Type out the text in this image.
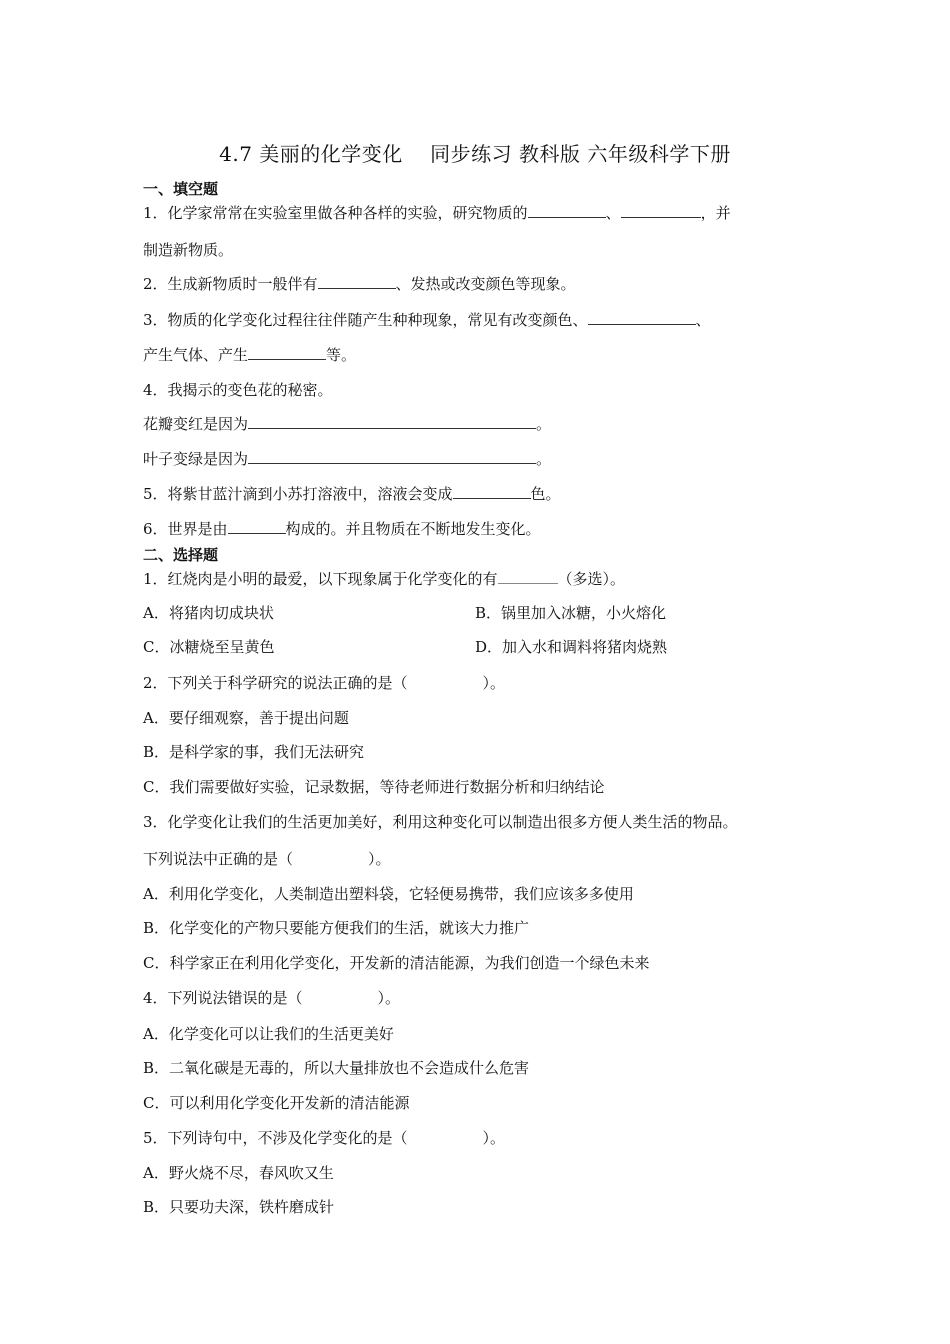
4.7 美丽的化学变化　 同步练习 教科版 六年级科学下册
一、填空题
1．化学家常常在实验室里做各种各样的实验，研究物质的	、	，并
制造新物质。
2．生成新物质时一般伴有	、发热或改变颜色等现象。
3．物质的化学变化过程往往伴随产生种种现象，常见有改变颜色、	、
产生气体、产生	等。
4．我揭示的变色花的秘密。
花瓣变红是因为	。
叶子变绿是因为	。
5．将紫甘蓝汁滴到小苏打溶液中，溶液会变成	色。
6．世界是由	构成的。并且物质在不断地发生变化。
二、选择题
1．红烧肉是小明的最爱，以下现象属于化学变化的有	（多选）。
A．将猪肉切成块状	B．锅里加入冰糖，小火熔化
C．冰糖烧至呈黄色	D．加入水和调料将猪肉烧熟
2．下列关于科学研究的说法正确的是（　　　　　）。
A．要仔细观察，善于提出问题
B．是科学家的事，我们无法研究
C．我们需要做好实验，记录数据，等待老师进行数据分析和归纳结论
3．化学变化让我们的生活更加美好，利用这种变化可以制造出很多方便人类生活的物品。
下列说法中正确的是（　　　　　）。
A．利用化学变化，人类制造出塑料袋，它轻便易携带，我们应该多多使用
B．化学变化的产物只要能方便我们的生活，就该大力推广
C．科学家正在利用化学变化，开发新的清洁能源，为我们创造一个绿色未来
4．下列说法错误的是（　　　　　）。
A．化学变化可以让我们的生活更美好
B．二氧化碳是无毒的，所以大量排放也不会造成什么危害
C．可以利用化学变化开发新的清洁能源
5．下列诗句中，不涉及化学变化的是（　　　　　）。
A．野火烧不尽，春风吹又生
B．只要功夫深，铁杵磨成针
